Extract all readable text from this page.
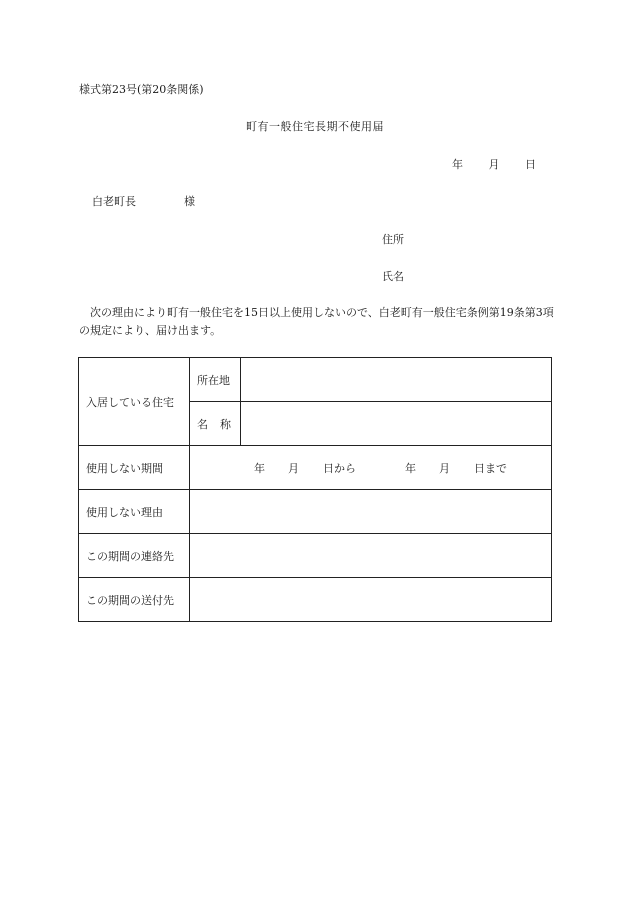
様式第23号(第20条関係)
町有一般住宅長期不使用届
年 月 日
白老町長	様
住所
氏名
次の理由により町有一般住宅を15日以上使用しないので、白老町有一般住宅条例第19条第3項の規定により、届け出ます。
入居している住宅	所在地	
	名 称	
使用しない期間	年 月 日から 年 月 日まで	
使用しない理由		
この期間の連絡先		
この期間の送付先		
